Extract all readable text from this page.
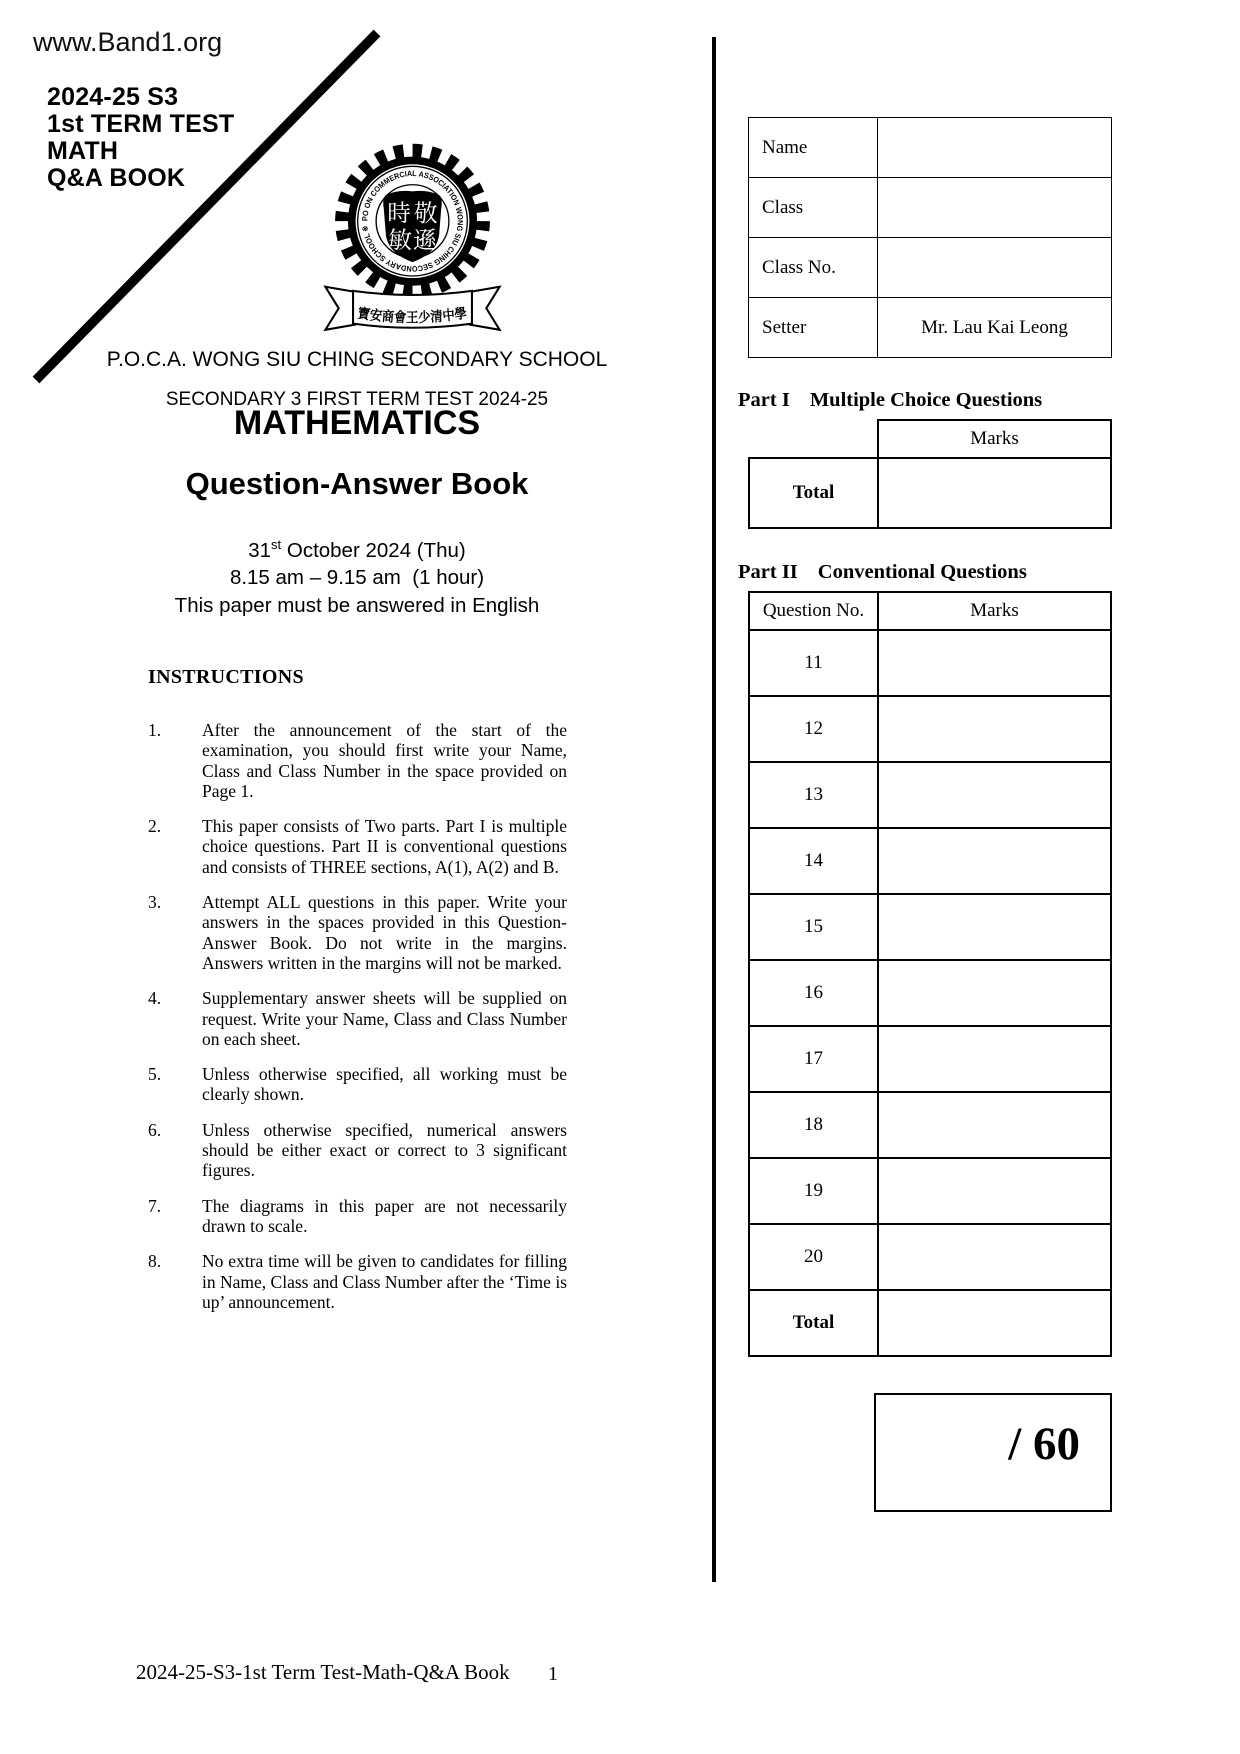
www.Band1.org
2024-25 S3
1st TERM TEST
MATH
Q&A BOOK
PO ON COMMERCIAL ASSOCIATION WONG SIU CHING SECONDARY SCHOOL ※
時 敬
敏 遜
寶安商會王少清中學
P.O.C.A. WONG SIU CHING SECONDARY SCHOOL
SECONDARY 3 FIRST TERM TEST 2024-25
MATHEMATICS
Question-Answer Book
31st October 2024 (Thu)
8.15 am – 9.15 am  (1 hour)
This paper must be answered in English
INSTRUCTIONS
1.	After the announcement of the start of the examination, you should first write your Name, Class and Class Number in the space provided on Page 1.
2.	This paper consists of Two parts. Part I is multiple choice questions. Part II is conventional questions and consists of THREE sections, A(1), A(2) and B.
3.	Attempt ALL questions in this paper. Write your answers in the spaces provided in this Question-Answer Book. Do not write in the margins. Answers written in the margins will not be marked.
4.	Supplementary answer sheets will be supplied on request. Write your Name, Class and Class Number on each sheet.
5.	Unless otherwise specified, all working must be clearly shown.
6.	Unless otherwise specified, numerical answers should be either exact or correct to 3 significant figures.
7.	The diagrams in this paper are not necessarily drawn to scale.
8.	No extra time will be given to candidates for filling in Name, Class and Class Number after the ‘Time is up’ announcement.
Name	
Class	
Class No.	
Setter	Mr. Lau Kai Leong
Part I Multiple Choice Questions
	Marks
Total	
Part II Conventional Questions
Question No.	Marks
11	
12	
13	
14	
15	
16	
17	
18	
19	
20	
Total	
/ 60
2024-25-S3-1st Term Test-Math-Q&A Book 1
